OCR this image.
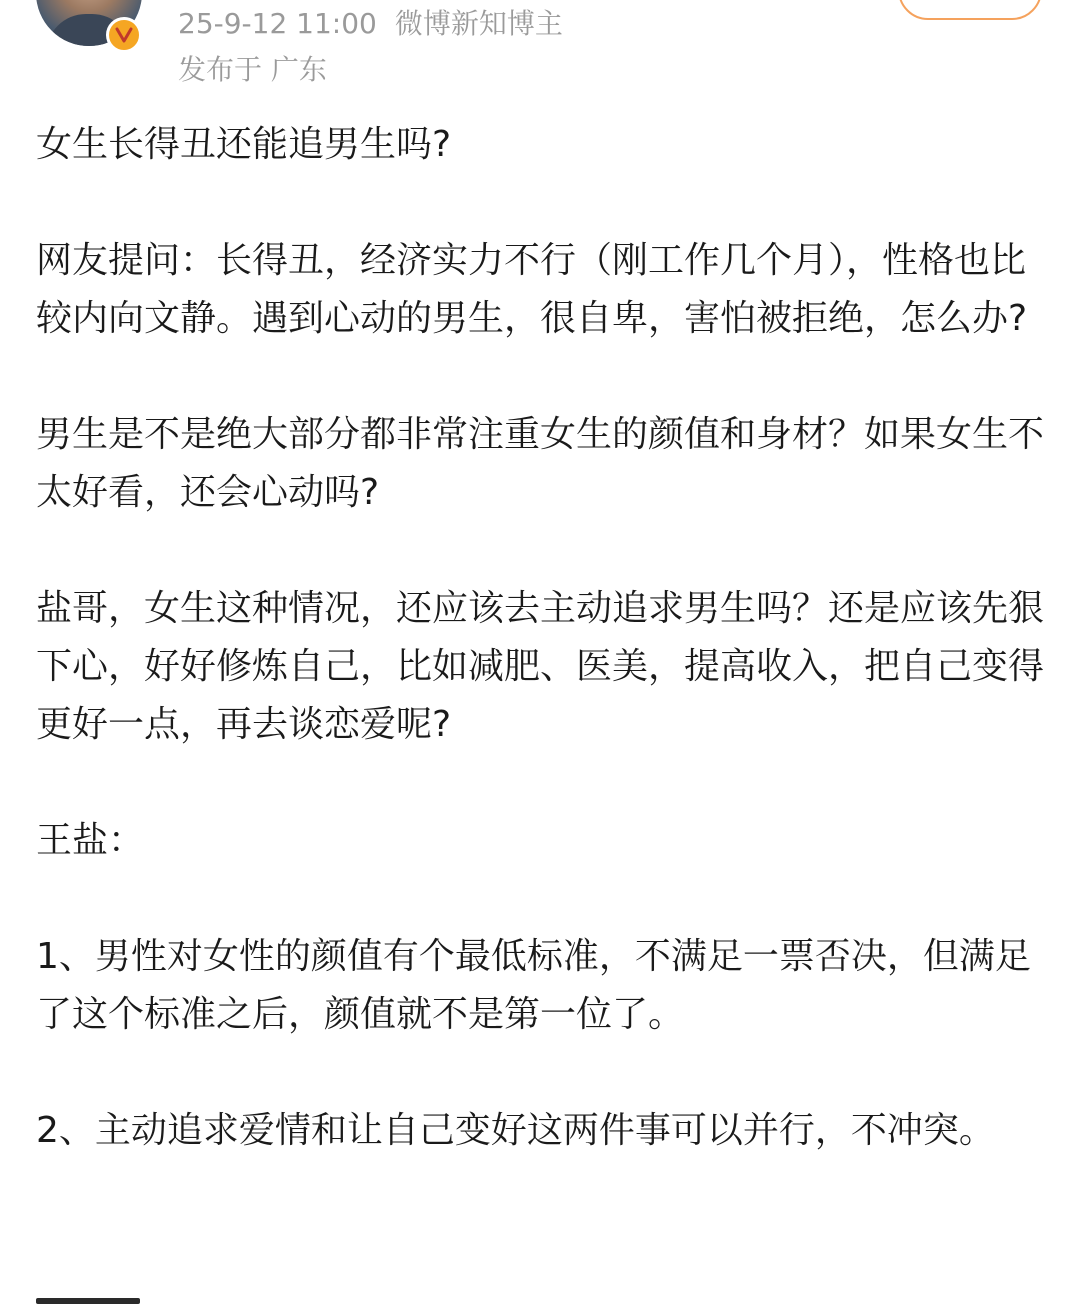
25-9-12 11:00 微博新知博主
发布于 广东

女生长得丑还能追男生吗?

网友提问：长得丑，经济实力不行（刚工作几个月），性格也比较内向文静。遇到心动的男生，很自卑，害怕被拒绝，怎么办?

男生是不是绝大部分都非常注重女生的颜值和身材？如果女生不太好看，还会心动吗?

盐哥，女生这种情况，还应该去主动追求男生吗？还是应该先狠下心，好好修炼自己，比如减肥、医美，提高收入，把自己变得更好一点，再去谈恋爱呢?

王盐：

1、男性对女性的颜值有个最低标准，不满足一票否决，但满足了这个标准之后，颜值就不是第一位了。

2、主动追求爱情和让自己变好这两件事可以并行，不冲突。
